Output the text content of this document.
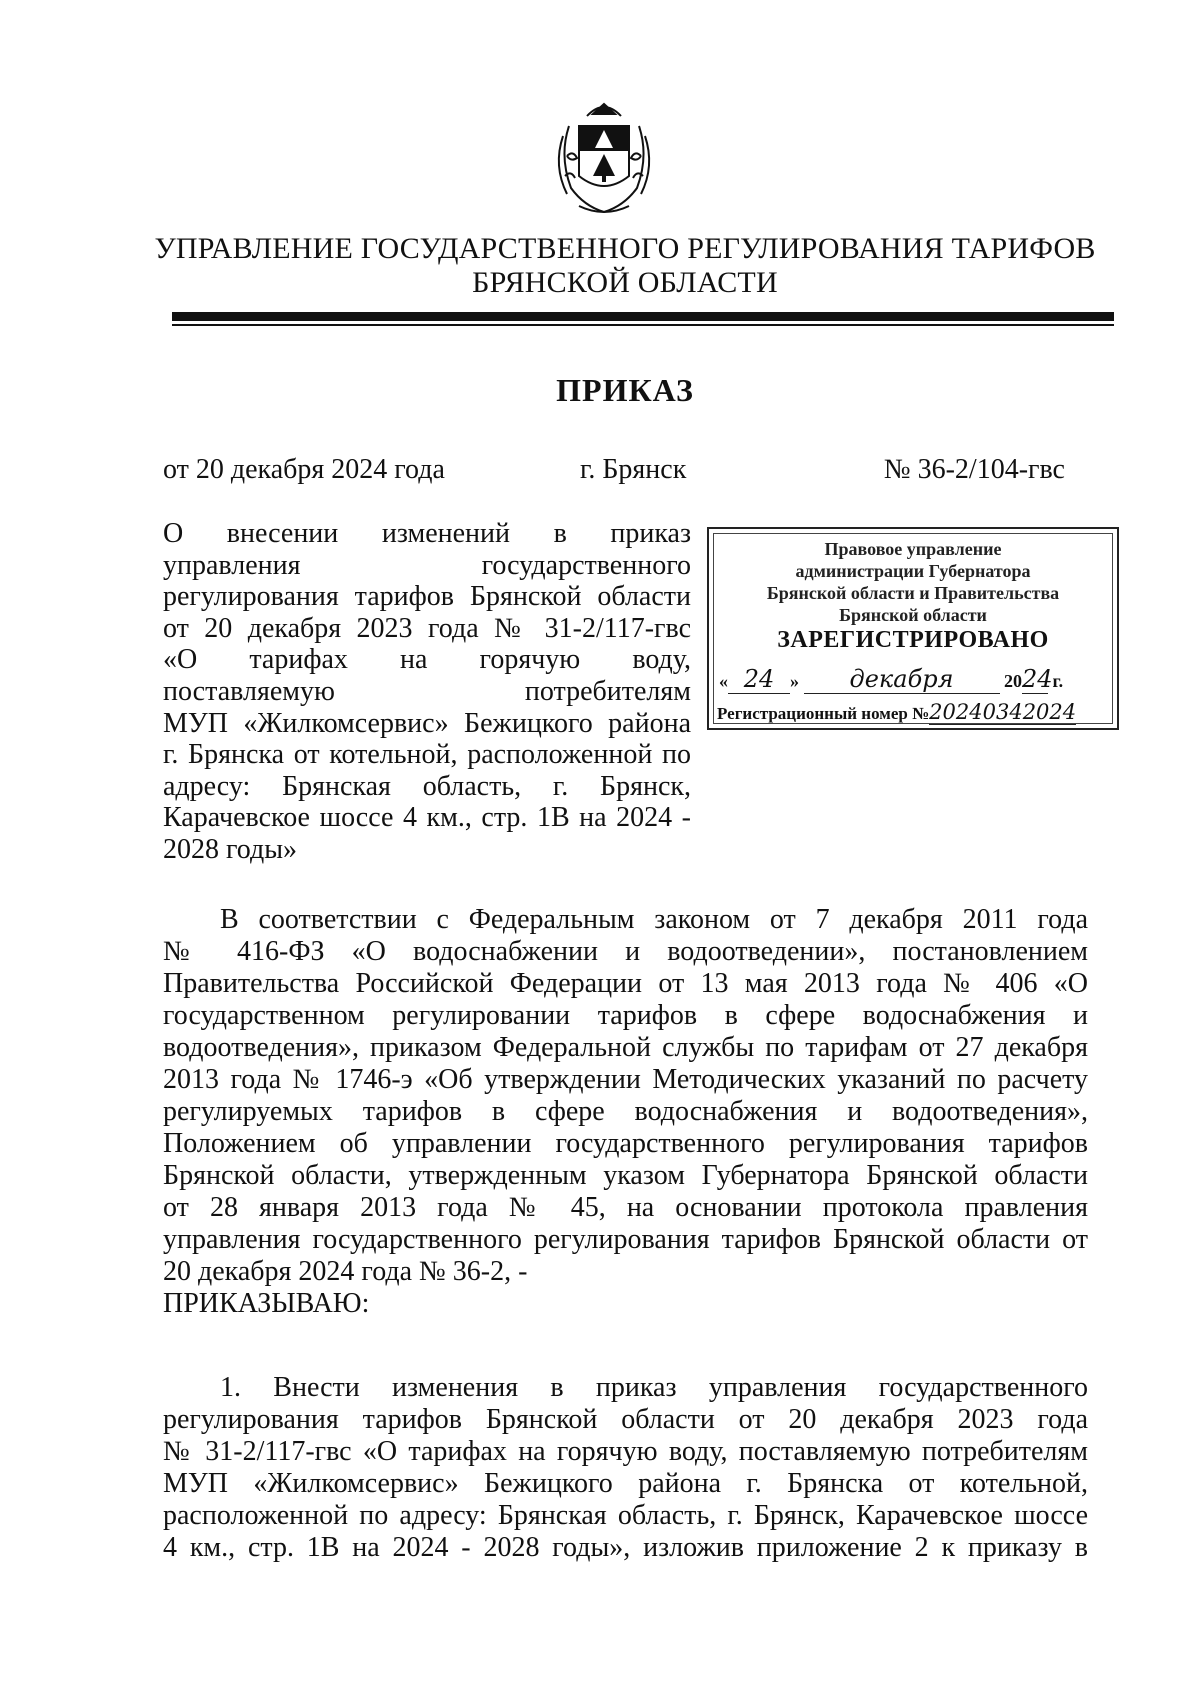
УПРАВЛЕНИЕ ГОСУДАРСТВЕННОГО РЕГУЛИРОВАНИЯ ТАРИФОВ
БРЯНСКОЙ ОБЛАСТИ
ПРИКАЗ
от 20 декабря 2024 года	г. Брянск	№ 36-2/104-гвс
О внесении изменений в приказ
управления государственного
регулирования тарифов Брянской области
от 20 декабря 2023 года № 31-2/117-гвс
«О тарифах на горячую воду,
поставляемую потребителям
МУП «Жилкомсервис» Бежицкого района
г. Брянска от котельной, расположенной по
адресу: Брянская область, г. Брянск,
Карачевское шоссе 4 км., стр. 1В на 2024 -
2028 годы»
Правовое управление
администрации Губернатора
Брянской области и Правительства
Брянской области
ЗАРЕГИСТРИРОВАНО
« 24 » декабря	2024 г.
Регистрационный номер №20240342024
В соответствии с Федеральным законом от 7 декабря 2011 года
№ 416-ФЗ «О водоснабжении и водоотведении», постановлением
Правительства Российской Федерации от 13 мая 2013 года № 406 «О
государственном регулировании тарифов в сфере водоснабжения и
водоотведения», приказом Федеральной службы по тарифам от 27 декабря
2013 года № 1746-э «Об утверждении Методических указаний по расчету
регулируемых тарифов в сфере водоснабжения и водоотведения»,
Положением об управлении государственного регулирования тарифов
Брянской области, утвержденным указом Губернатора Брянской области
от 28 января 2013 года № 45, на основании протокола правления
управления государственного регулирования тарифов Брянской области от
20 декабря 2024 года № 36-2, -
ПРИКАЗЫВАЮ:
1. Внести изменения в приказ управления государственного
регулирования тарифов Брянской области от 20 декабря 2023 года
№ 31-2/117-гвс «О тарифах на горячую воду, поставляемую потребителям
МУП «Жилкомсервис» Бежицкого района г. Брянска от котельной,
расположенной по адресу: Брянская область, г. Брянск, Карачевское шоссе
4 км., стр. 1В на 2024 - 2028 годы», изложив приложение 2 к приказу в
